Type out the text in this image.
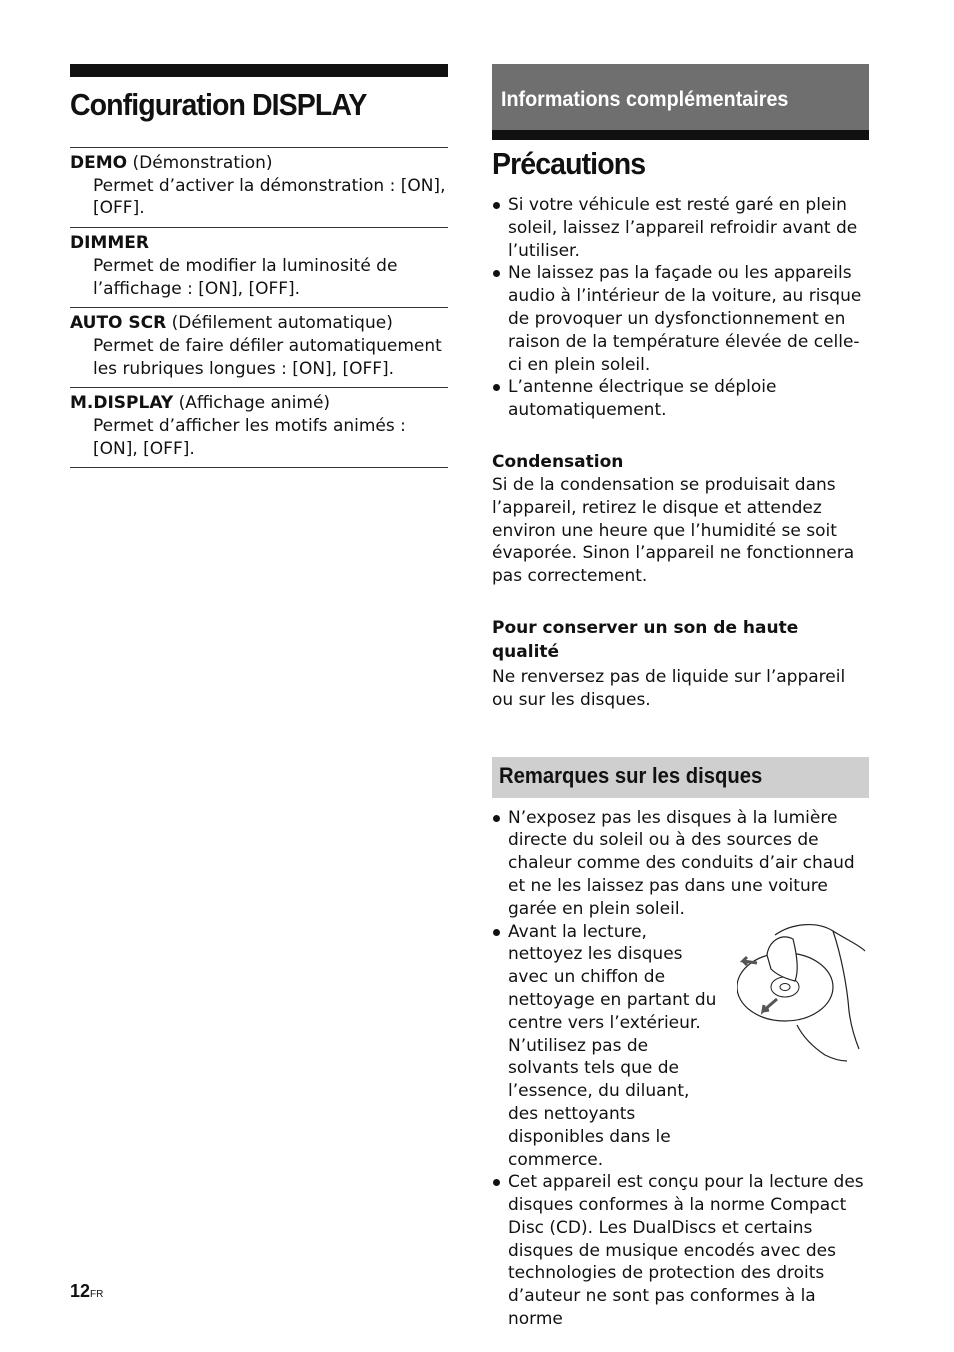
Configuration DISPLAY
DEMO (Démonstration)
Permet d’activer la démonstration : [ON], [OFF].
DIMMER
Permet de modifier la luminosité de l’affichage : [ON], [OFF].
AUTO SCR (Défilement automatique)
Permet de faire défiler automatiquement les rubriques longues : [ON], [OFF].
M.DISPLAY (Affichage animé)
Permet d’afficher les motifs animés : [ON], [OFF].
Informations complémentaires
Précautions
Si votre véhicule est resté garé en plein soleil, laissez l’appareil refroidir avant de l’utiliser.
Ne laissez pas la façade ou les appareils audio à l’intérieur de la voiture, au risque de provoquer un dysfonctionnement en raison de la température élevée de celle-ci en plein soleil.
L’antenne électrique se déploie automatiquement.
Condensation
Si de la condensation se produisait dans l’appareil, retirez le disque et attendez environ une heure que l’humidité se soit évaporée. Sinon l’appareil ne fonctionnera pas correctement.
Pour conserver un son de haute qualité
Ne renversez pas de liquide sur l’appareil ou sur les disques.
Remarques sur les disques
N’exposez pas les disques à la lumière directe du soleil ou à des sources de chaleur comme des conduits d’air chaud et ne les laissez pas dans une voiture garée en plein soleil.
Avant la lecture, nettoyez les disques avec un chiffon de nettoyage en partant du centre vers l’extérieur. N’utilisez pas de solvants tels que de l’essence, du diluant, des nettoyants disponibles dans le commerce.
Cet appareil est conçu pour la lecture des disques conformes à la norme Compact Disc (CD). Les DualDiscs et certains disques de musique encodés avec des technologies de protection des droits d’auteur ne sont pas conformes à la norme
12FR
